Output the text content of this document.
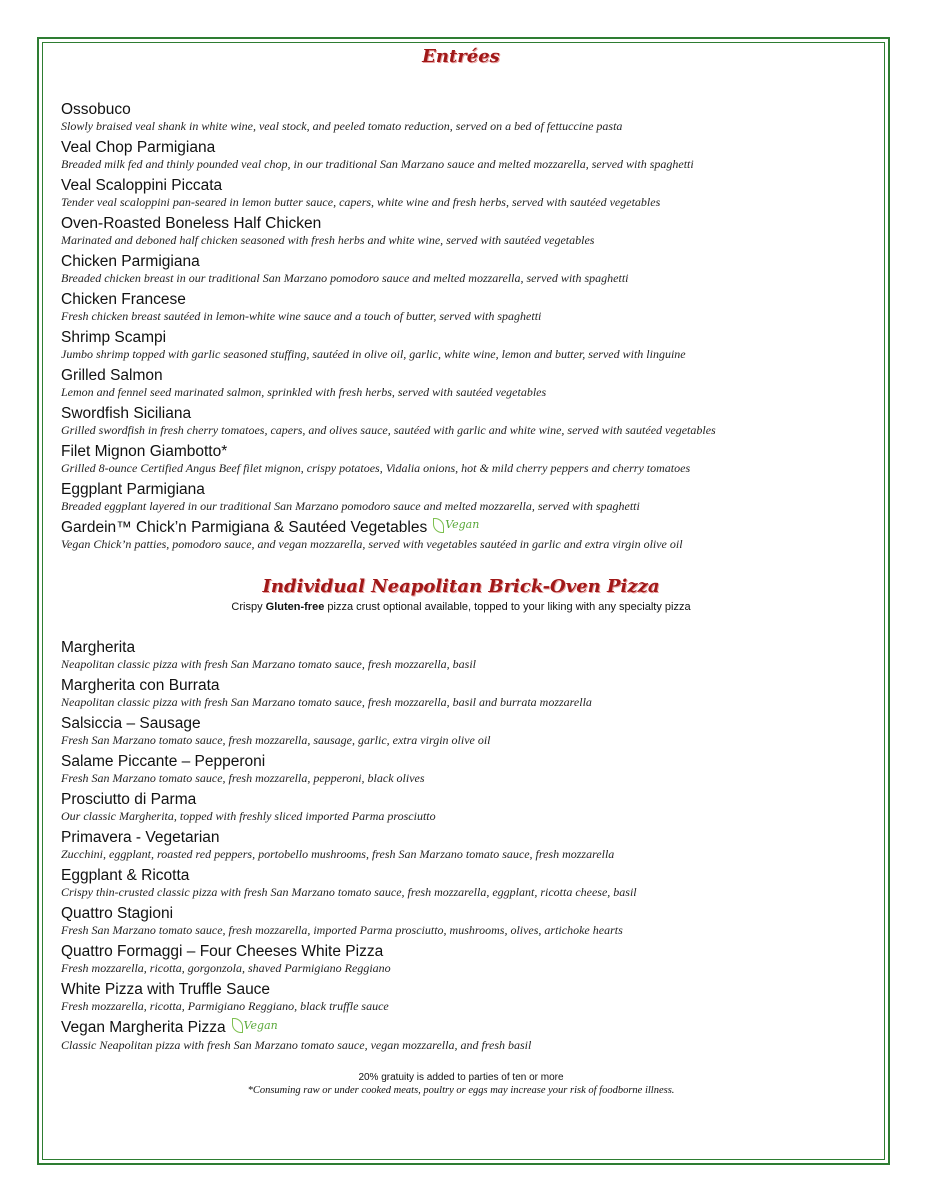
Entrées
Ossobuco
Slowly braised veal shank in white wine, veal stock, and peeled tomato reduction, served on a bed of fettuccine pasta
Veal Chop Parmigiana
Breaded milk fed and thinly pounded veal chop, in our traditional San Marzano sauce and melted mozzarella, served with spaghetti
Veal Scaloppini Piccata
Tender veal scaloppini pan-seared in lemon butter sauce, capers, white wine and fresh herbs, served with sautéed vegetables
Oven-Roasted Boneless Half Chicken
Marinated and deboned half chicken seasoned with fresh herbs and white wine, served with sautéed vegetables
Chicken Parmigiana
Breaded chicken breast in our traditional San Marzano pomodoro sauce and melted mozzarella, served with spaghetti
Chicken Francese
Fresh chicken breast sautéed in lemon-white wine sauce and a touch of butter, served with spaghetti
Shrimp Scampi
Jumbo shrimp topped with garlic seasoned stuffing, sautéed in olive oil, garlic, white wine, lemon and butter, served with linguine
Grilled Salmon
Lemon and fennel seed marinated salmon, sprinkled with fresh herbs, served with sautéed vegetables
Swordfish Siciliana
Grilled swordfish in fresh cherry tomatoes, capers, and olives sauce, sautéed with garlic and white wine, served with sautéed vegetables
Filet Mignon Giambotto*
Grilled 8-ounce Certified Angus Beef filet mignon, crispy potatoes, Vidalia onions, hot & mild cherry peppers and cherry tomatoes
Eggplant Parmigiana
Breaded eggplant layered in our traditional San Marzano pomodoro sauce and melted mozzarella, served with spaghetti
Gardein™ Chick’n Parmigiana & Sautéed Vegetables Vegan
Vegan Chick’n patties, pomodoro sauce, and vegan mozzarella, served with vegetables sautéed in garlic and extra virgin olive oil
Individual Neapolitan Brick-Oven Pizza
Crispy Gluten-free pizza crust optional available, topped to your liking with any specialty pizza
Margherita
Neapolitan classic pizza with fresh San Marzano tomato sauce, fresh mozzarella, basil
Margherita con Burrata
Neapolitan classic pizza with fresh San Marzano tomato sauce, fresh mozzarella, basil and burrata mozzarella
Salsiccia – Sausage
Fresh San Marzano tomato sauce, fresh mozzarella, sausage, garlic, extra virgin olive oil
Salame Piccante – Pepperoni
Fresh San Marzano tomato sauce, fresh mozzarella, pepperoni, black olives
Prosciutto di Parma
Our classic Margherita, topped with freshly sliced imported Parma prosciutto
Primavera - Vegetarian
Zucchini, eggplant, roasted red peppers, portobello mushrooms, fresh San Marzano tomato sauce, fresh mozzarella
Eggplant & Ricotta
Crispy thin-crusted classic pizza with fresh San Marzano tomato sauce, fresh mozzarella, eggplant, ricotta cheese, basil
Quattro Stagioni
Fresh San Marzano tomato sauce, fresh mozzarella, imported Parma prosciutto, mushrooms, olives, artichoke hearts
Quattro Formaggi – Four Cheeses White Pizza
Fresh mozzarella, ricotta, gorgonzola, shaved Parmigiano Reggiano
White Pizza with Truffle Sauce
Fresh mozzarella, ricotta, Parmigiano Reggiano, black truffle sauce
Vegan Margherita Pizza Vegan
Classic Neapolitan pizza with fresh San Marzano tomato sauce, vegan mozzarella, and fresh basil
20% gratuity is added to parties of ten or more
*Consuming raw or under cooked meats, poultry or eggs may increase your risk of foodborne illness.
